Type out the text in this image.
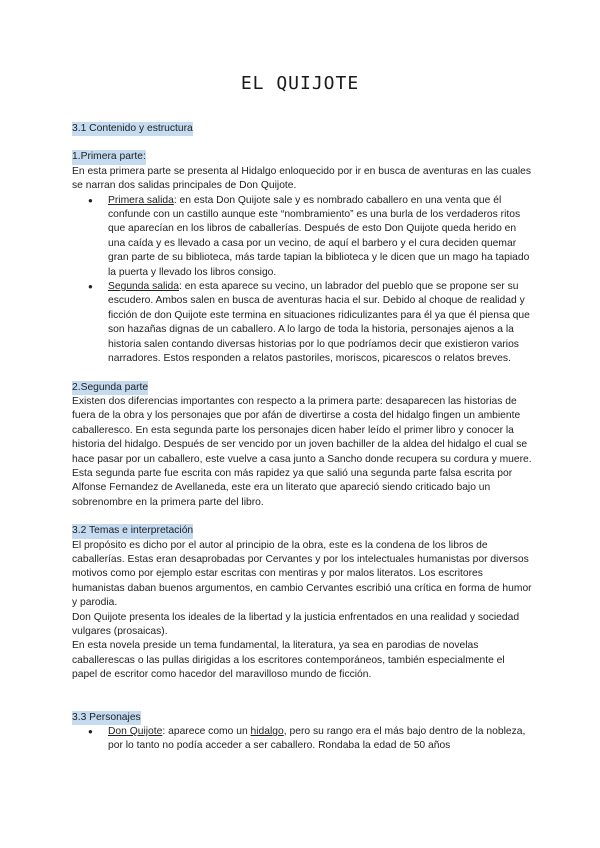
EL QUIJOTE

3.1 Contenido y estructura

1.Primera parte:

En esta primera parte se presenta al Hidalgo enloquecido por ir en busca de aventuras en las cuales se narran dos salidas principales de Don Quijote.

● Primera salida: en esta Don Quijote sale y es nombrado caballero en una venta que él confunde con un castillo aunque este “nombramiento” es una burla de los verdaderos ritos que aparecían en los libros de caballerías. Después de esto Don Quijote queda herido en una caída y es llevado a casa por un vecino, de aquí el barbero y el cura deciden quemar gran parte de su biblioteca, más tarde tapian la biblioteca y le dicen que un mago ha tapiado la puerta y llevado los libros consigo.
● Segunda salida: en esta aparece su vecino, un labrador del pueblo que se propone ser su escudero. Ambos salen en busca de aventuras hacia el sur. Debido al choque de realidad y ficción de don Quijote este termina en situaciones ridiculizantes para él ya que él piensa que son hazañas dignas de un caballero. A lo largo de toda la historia, personajes ajenos a la historia salen contando diversas historias por lo que podríamos decir que existieron varios narradores. Estos responden a relatos pastoriles, moriscos, picarescos o relatos breves.

2.Segunda parte

Existen dos diferencias importantes con respecto a la primera parte: desaparecen las historias de fuera de la obra y los personajes que por afán de divertirse a costa del hidalgo fingen un ambiente caballeresco. En esta segunda parte los personajes dicen haber leído el primer libro y conocer la historia del hidalgo. Después de ser vencido por un joven bachiller de la aldea del hidalgo el cual se hace pasar por un caballero, este vuelve a casa junto a Sancho donde recupera su cordura y muere.

Esta segunda parte fue escrita con más rapidez ya que salió una segunda parte falsa escrita por Alfonse Fernandez de Avellaneda, este era un literato que apareció siendo criticado bajo un sobrenombre en la primera parte del libro.

3.2 Temas e interpretación

El propósito es dicho por el autor al principio de la obra, este es la condena de los libros de caballerías. Estas eran desaprobadas por Cervantes y por los intelectuales humanistas por diversos motivos como por ejemplo estar escritas con mentiras y por malos literatos. Los escritores humanistas daban buenos argumentos, en cambio Cervantes escribió una crítica en forma de humor y parodia.

Don Quijote presenta los ideales de la libertad y la justicia enfrentados en una realidad y sociedad vulgares (prosaicas).

En esta novela preside un tema fundamental, la literatura, ya sea en parodias de novelas caballerescas o las pullas dirigidas a los escritores contemporáneos, también especialmente el papel de escritor como hacedor del maravilloso mundo de ficción.

3.3 Personajes

● Don Quijote: aparece como un hidalgo, pero su rango era el más bajo dentro de la nobleza, por lo tanto no podía acceder a ser caballero. Rondaba la edad de 50 años
